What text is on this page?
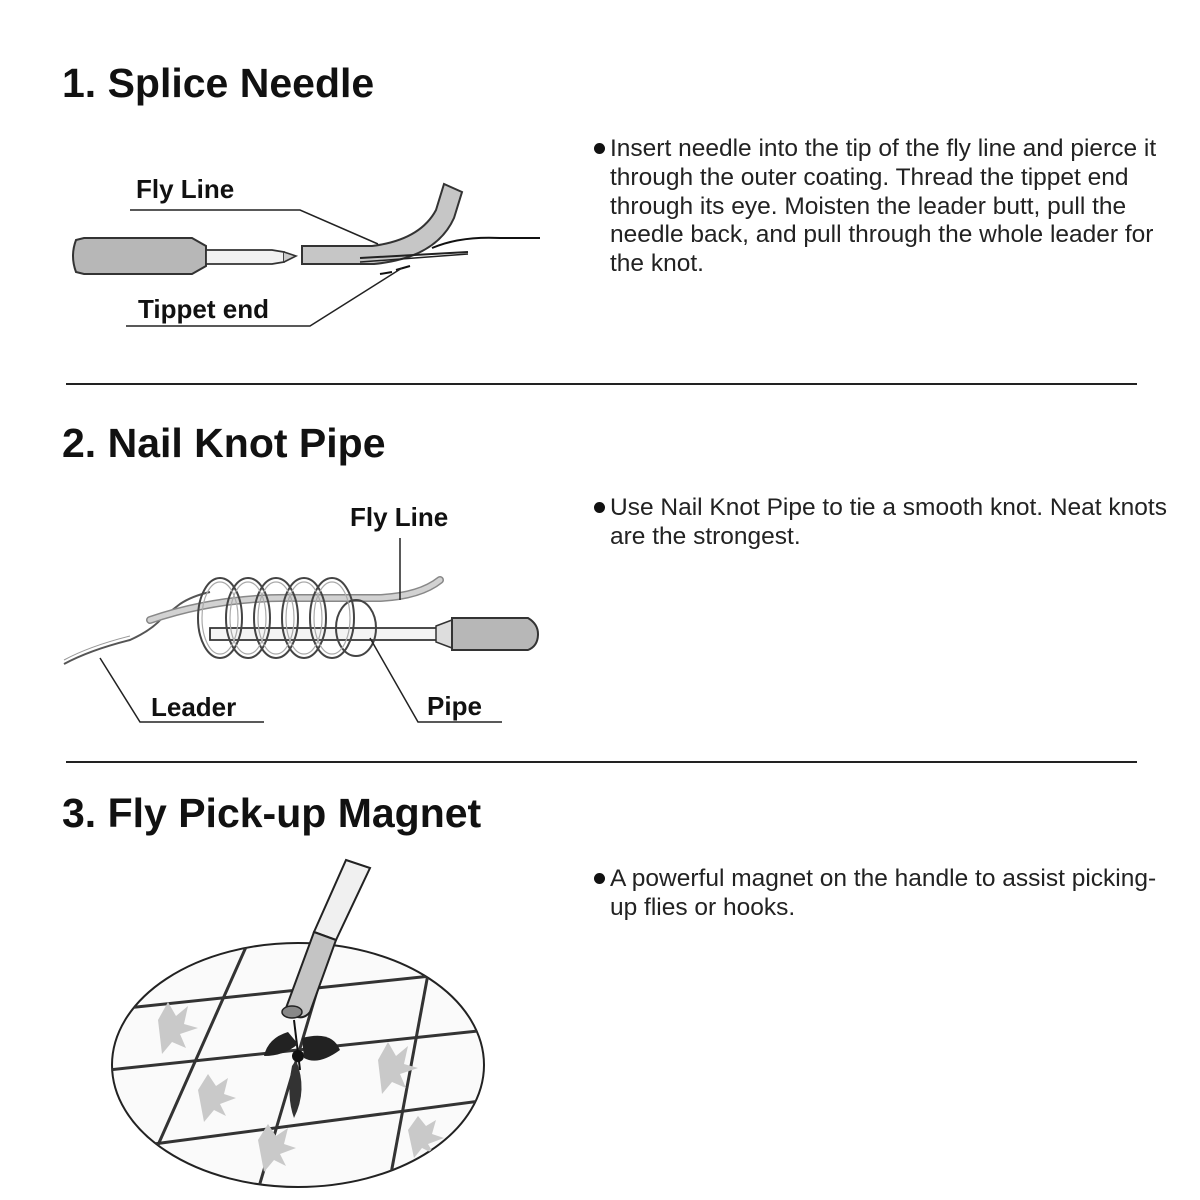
1. Splice Needle
Fly Line
Tippet end
Insert needle into the tip of the fly line and pierce it through the outer coating. Thread the tippet end through its eye. Moisten the leader butt, pull the needle back, and pull through the whole leader for the knot.
2. Nail Knot Pipe
Fly Line
Leader	Pipe
Use Nail Knot Pipe to tie a smooth knot. Neat knots are the strongest.
3. Fly Pick-up Magnet
A powerful magnet on the handle to assist picking-up flies or hooks.
